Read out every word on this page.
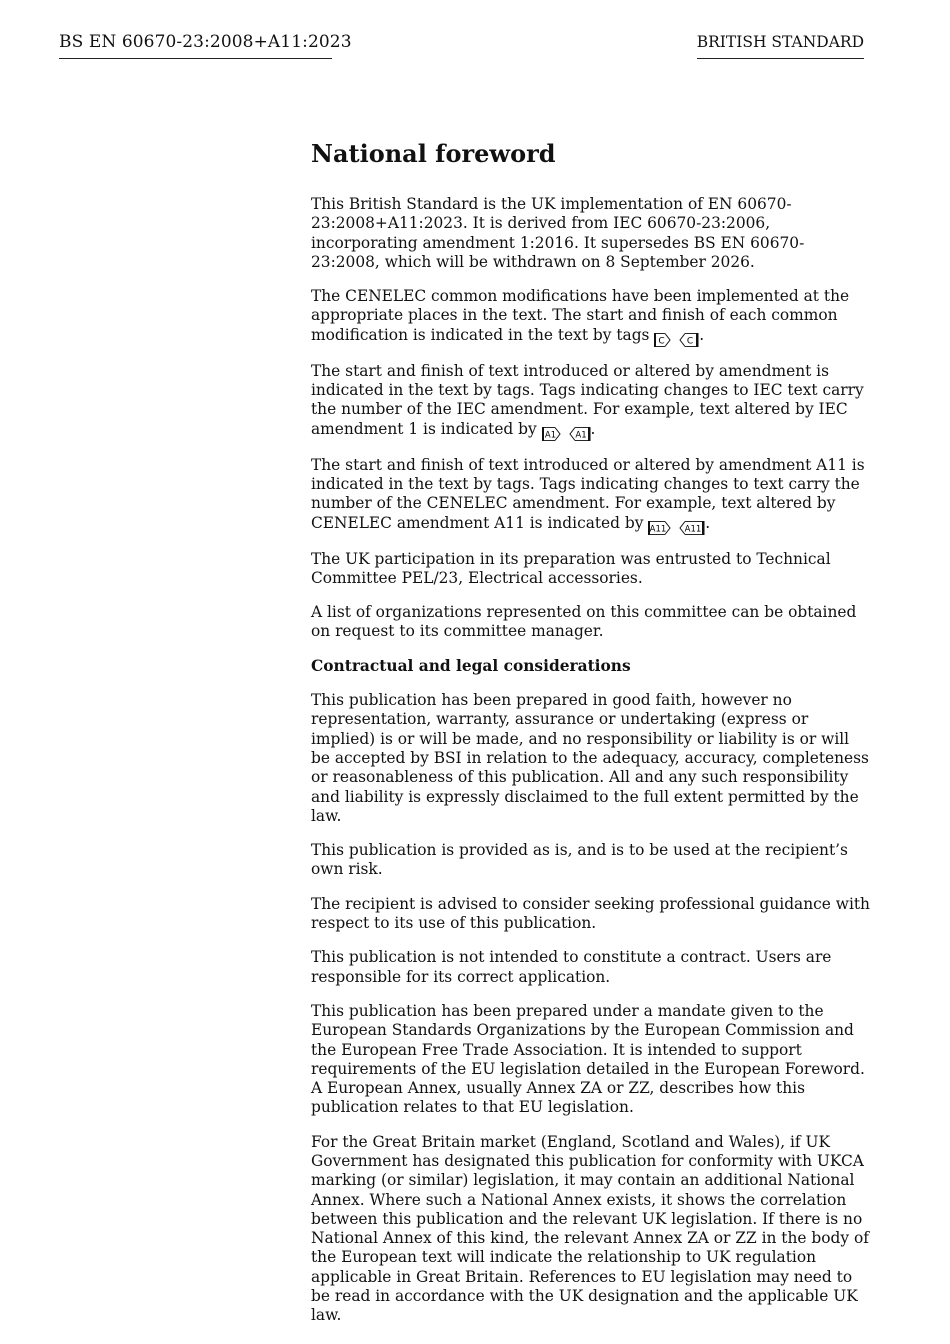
BS EN 60670-23:2008+A11:2023	BRITISH STANDARD
National foreword

This British Standard is the UK implementation of EN 60670-23:2008+A11:2023. It is derived from IEC 60670-23:2006, incorporating amendment 1:2016. It supersedes BS EN 60670-23:2008, which will be withdrawn on 8 September 2026.

The CENELEC common modifications have been implemented at the appropriate places in the text. The start and finish of each common modification is indicated in the text by tags C
C .

The start and finish of text introduced or altered by amendment is indicated in the text by tags. Tags indicating changes to IEC text carry the number of the IEC amendment. For example, text altered by IEC amendment 1 is indicated by A1
A1 .

The start and finish of text introduced or altered by amendment A11 is indicated in the text by tags. Tags indicating changes to text carry the number of the CENELEC amendment. For example, text altered by CENELEC amendment A11 is indicated by A11
A11 .

The UK participation in its preparation was entrusted to Technical Committee PEL/23, Electrical accessories.

A list of organizations represented on this committee can be obtained on request to its committee manager.

Contractual and legal considerations

This publication has been prepared in good faith, however no representation, warranty, assurance or undertaking (express or implied) is or will be made, and no responsibility or liability is or will be accepted by BSI in relation to the adequacy, accuracy, completeness or reasonableness of this publication. All and any such responsibility and liability is expressly disclaimed to the full extent permitted by the law.

This publication is provided as is, and is to be used at the recipient’s own risk.

The recipient is advised to consider seeking professional guidance with respect to its use of this publication.

This publication is not intended to constitute a contract. Users are responsible for its correct application.

This publication has been prepared under a mandate given to the European Standards Organizations by the European Commission and the European Free Trade Association. It is intended to support requirements of the EU legislation detailed in the European Foreword. A European Annex, usually Annex ZA or ZZ, describes how this publication relates to that EU legislation.

For the Great Britain market (England, Scotland and Wales), if UK Government has designated this publication for conformity with UKCA marking (or similar) legislation, it may contain an additional National Annex. Where such a National Annex exists, it shows the correlation between this publication and the relevant UK legislation. If there is no National Annex of this kind, the relevant Annex ZA or ZZ in the body of the European text will indicate the relationship to UK regulation applicable in Great Britain. References to EU legislation may need to be read in accordance with the UK designation and the applicable UK law.
